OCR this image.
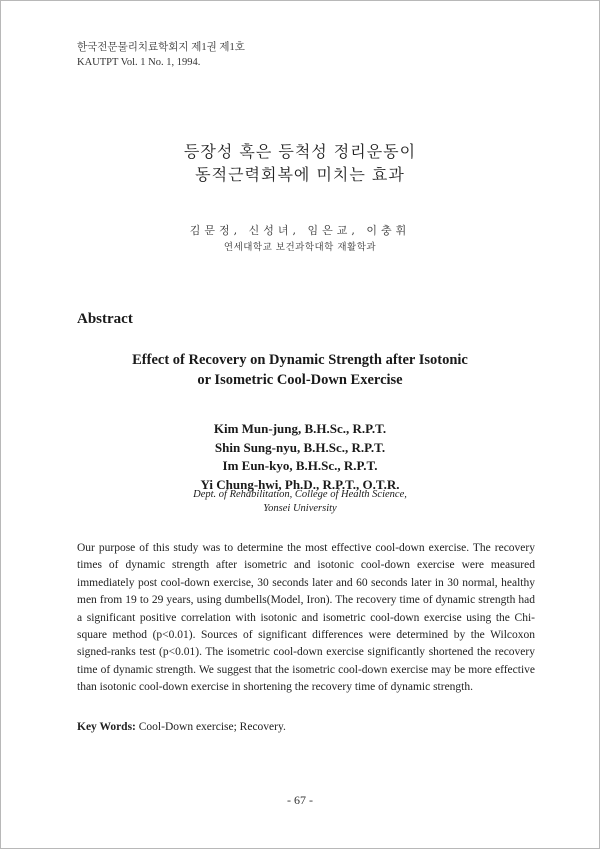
한국전문물리치료학회지 제1권 제1호
KAUTPT Vol. 1 No. 1, 1994.
등장성 혹은 등척성 정리운동이
동적근력회복에 미치는 효과
김문정, 신성녀, 임은교, 이충휘
연세대학교 보건과학대학 재활학과
Abstract
Effect of Recovery on Dynamic Strength after Isotonic
or Isometric Cool-Down Exercise
Kim Mun-jung, B.H.Sc., R.P.T.
Shin Sung-nyu, B.H.Sc., R.P.T.
Im Eun-kyo, B.H.Sc., R.P.T.
Yi Chung-hwi, Ph.D., R.P.T., O.T.R.
Dept. of Rehabilitation, College of Health Science,
Yonsei University
Our purpose of this study was to determine the most effective cool-down exercise. The recovery times of dynamic strength after isometric and isotonic cool-down exercise were measured immediately post cool-down exercise, 30 seconds later and 60 seconds later in 30 normal, healthy men from 19 to 29 years, using dumbells(Model, Iron). The recovery time of dynamic strength had a significant positive correlation with isotonic and isometric cool-down exercise using the Chi-square method (p<0.01). Sources of significant differences were determined by the Wilcoxon signed-ranks test (p<0.01). The isometric cool-down exercise significantly shortened the recovery time of dynamic strength. We suggest that the isometric cool-down exercise may be more effective than isotonic cool-down exercise in shortening the recovery time of dynamic strength.
Key Words: Cool-Down exercise; Recovery.
- 67 -
